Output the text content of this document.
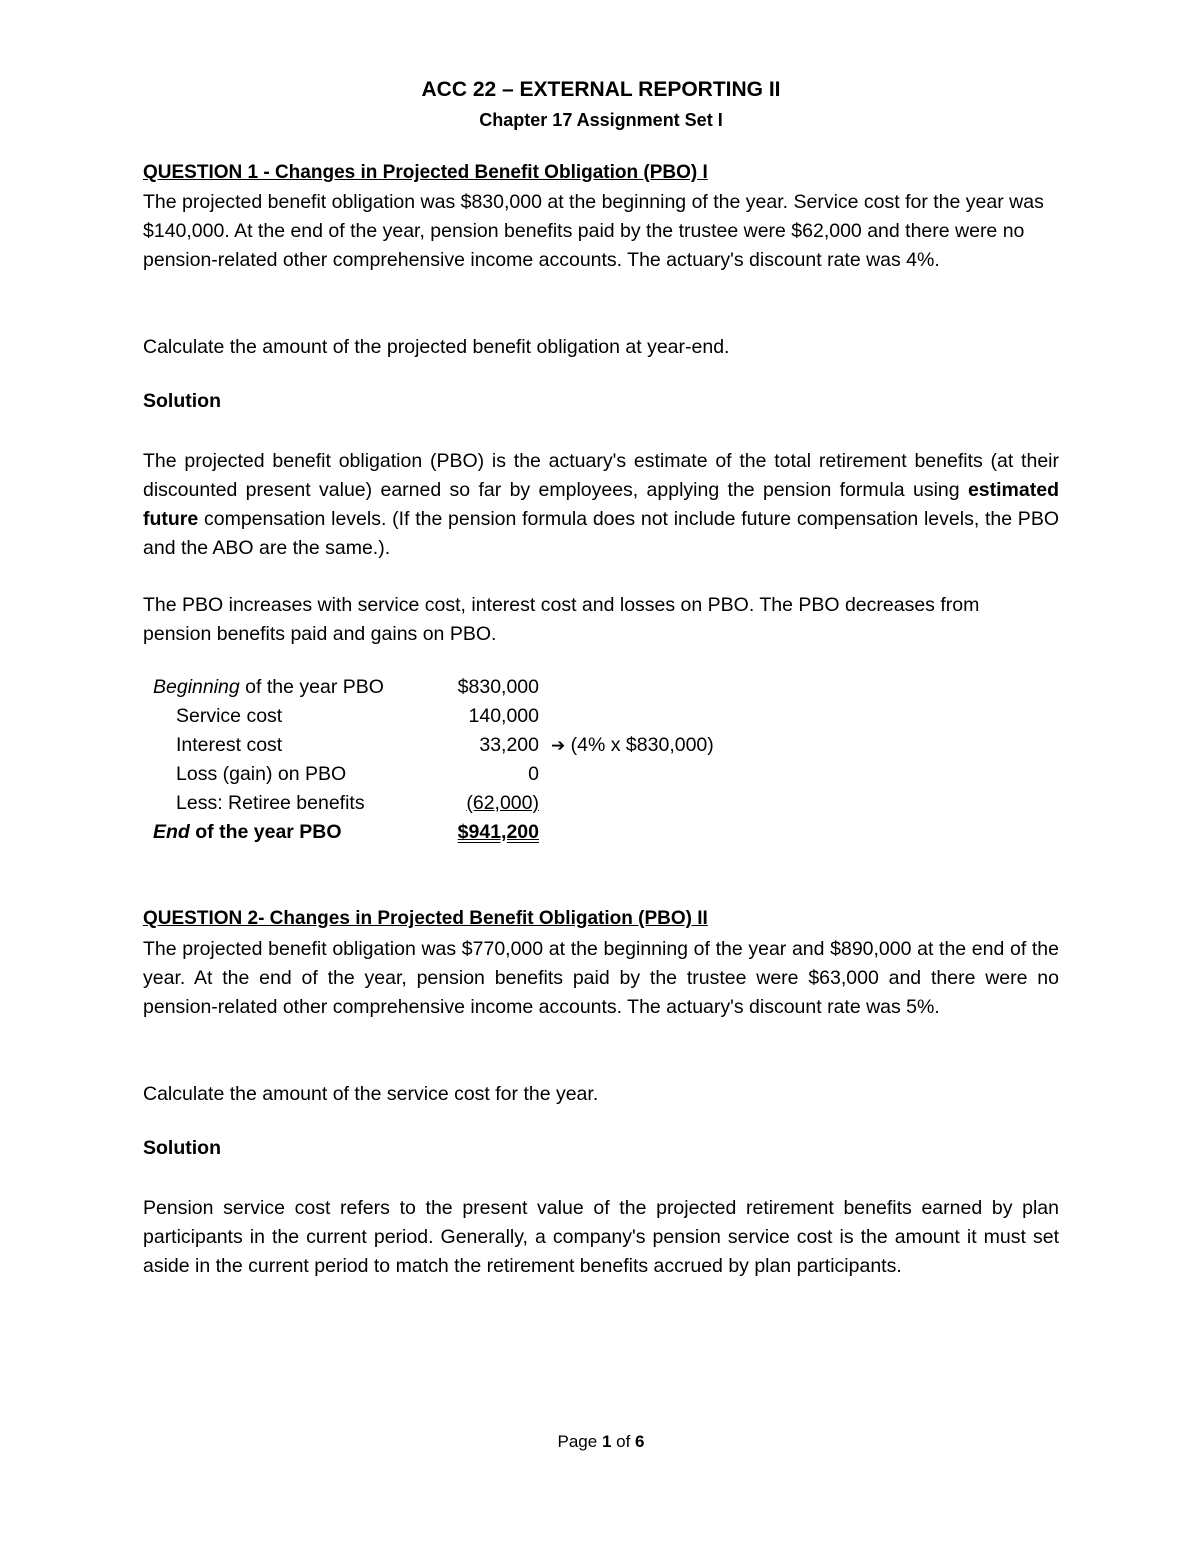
ACC 22 – EXTERNAL REPORTING II
Chapter 17 Assignment Set I
QUESTION 1 - Changes in Projected Benefit Obligation (PBO) I
The projected benefit obligation was $830,000 at the beginning of the year. Service cost for the year was $140,000. At the end of the year, pension benefits paid by the trustee were $62,000 and there were no pension-related other comprehensive income accounts. The actuary's discount rate was 4%.
Calculate the amount of the projected benefit obligation at year-end.
Solution
The projected benefit obligation (PBO) is the actuary's estimate of the total retirement benefits (at their discounted present value) earned so far by employees, applying the pension formula using estimated future compensation levels. (If the pension formula does not include future compensation levels, the PBO and the ABO are the same.).
The PBO increases with service cost, interest cost and losses on PBO. The PBO decreases from pension benefits paid and gains on PBO.
Beginning of the year PBO	$830,000
Service cost	140,000
Interest cost	33,200 ➔ (4% x $830,000)
Loss (gain) on PBO	0
Less: Retiree benefits	(62,000)
End of the year PBO	$941,200
QUESTION 2- Changes in Projected Benefit Obligation (PBO) II
The projected benefit obligation was $770,000 at the beginning of the year and $890,000 at the end of the year. At the end of the year, pension benefits paid by the trustee were $63,000 and there were no pension-related other comprehensive income accounts. The actuary's discount rate was 5%.
Calculate the amount of the service cost for the year.
Solution
Pension service cost refers to the present value of the projected retirement benefits earned by plan participants in the current period. Generally, a company's pension service cost is the amount it must set aside in the current period to match the retirement benefits accrued by plan participants.
Page 1 of 6
